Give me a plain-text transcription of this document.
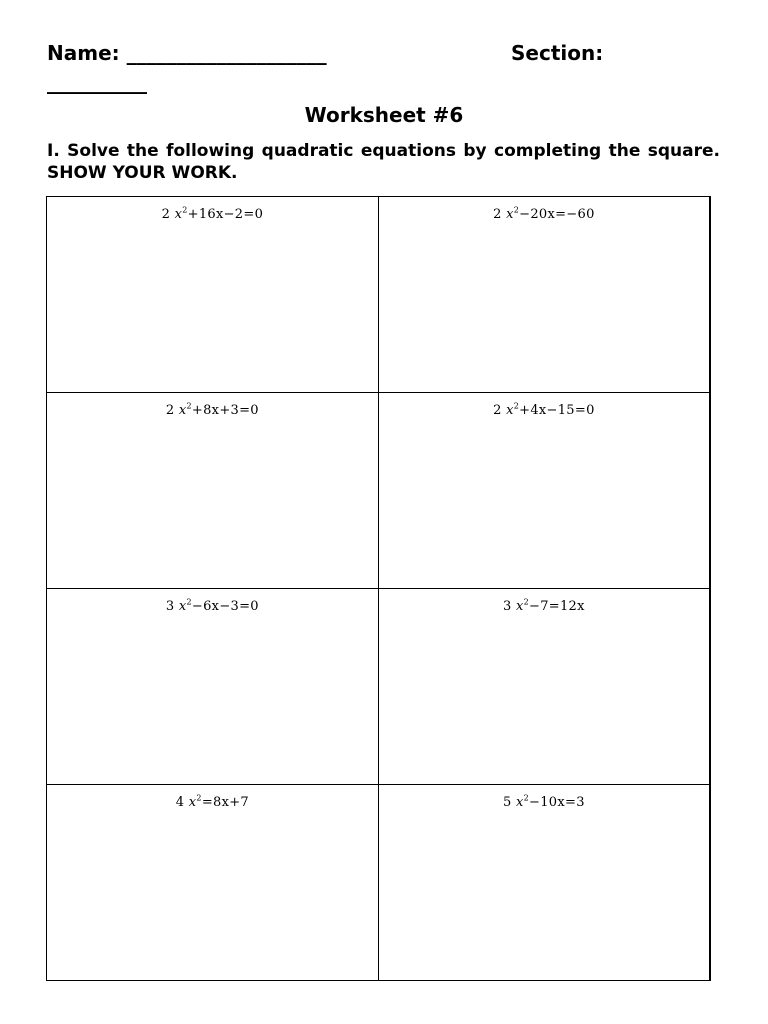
Name: ____________________	Section:
__________
Worksheet #6
I. Solve the following quadratic equations by completing the square. SHOW YOUR WORK.
2 $x^2+16x-2=0$	2 $x^2-20x=-60$
2 $x^2+8x+3=0$	2 $x^2+4x-15=0$
3 $x^2-6x-3=0$	3 $x^2-7=12x$
4 $x^2=8x+7$	5 $x^2-10x=3$
